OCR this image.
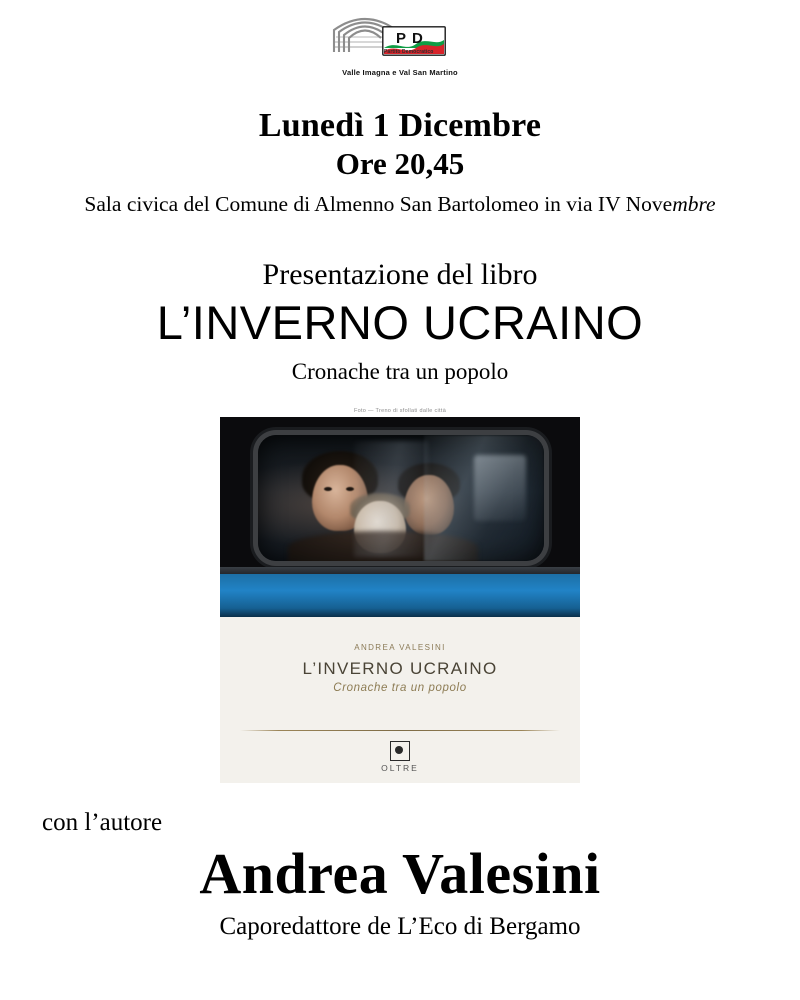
P D
Partito Democratico
Valle Imagna e Val San Martino
Lunedì 1 Dicembre
Ore 20,45
Sala civica del Comune di Almenno San Bartolomeo in via IV Novembre
Presentazione del libro
L’INVERNO UCRAINO
Cronache tra un popolo
Foto — Treno di sfollati dalle città
ANDREA VALESINI
L’INVERNO UCRAINO
Cronache tra un popolo
OLTRE
con l’autore
Andrea Valesini
Caporedattore de L’Eco di Bergamo
